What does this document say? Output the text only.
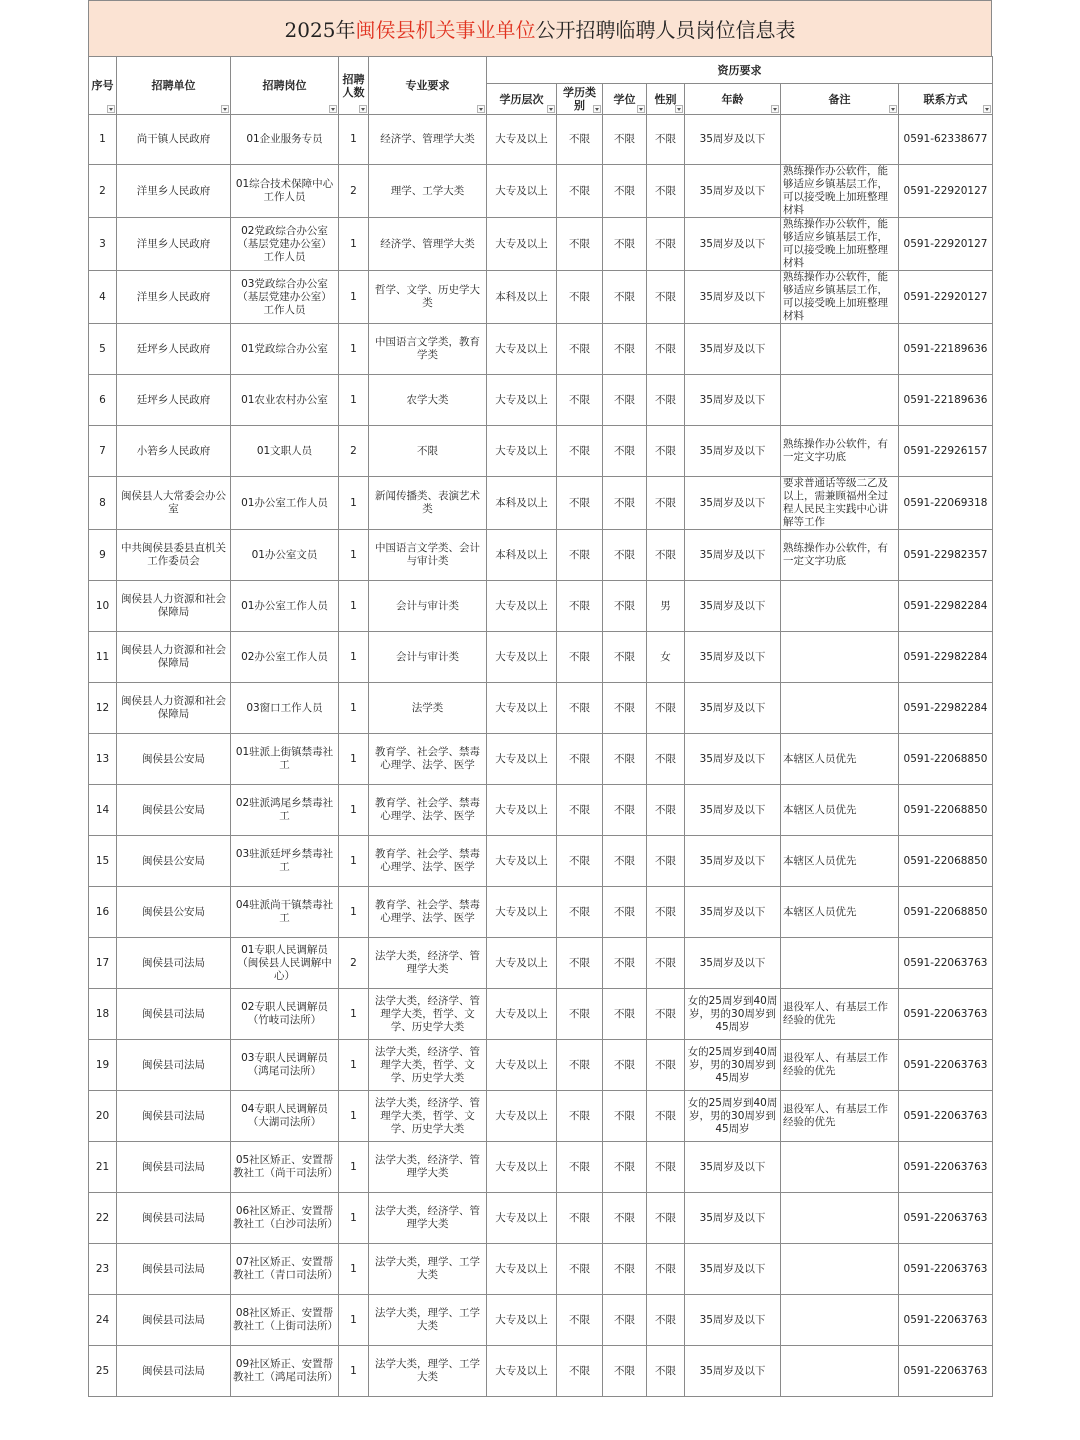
2025年 闽侯县机关事业单位 公开招聘临聘人员岗位信息表
序号	招聘单位	招聘岗位	招聘人数	专业要求	资历要求						
					学历层次	学历类别	学位	性别	年龄	备注	联系方式

1	尚干镇人民政府	01企业服务专员	1	经济学、管理学大类	大专及以上	不限	不限	不限	35周岁及以下		0591-62338677
2	洋里乡人民政府	01综合技术保障中心工作人员	2	理学、工学大类	大专及以上	不限	不限	不限	35周岁及以下	熟练操作办公软件，能够适应乡镇基层工作，可以接受晚上加班整理材料	0591-22920127
3	洋里乡人民政府	02党政综合办公室（基层党建办公室）工作人员	1	经济学、管理学大类	大专及以上	不限	不限	不限	35周岁及以下	熟练操作办公软件，能够适应乡镇基层工作，可以接受晚上加班整理材料	0591-22920127
4	洋里乡人民政府	03党政综合办公室（基层党建办公室）工作人员	1	哲学、文学、历史学大类	本科及以上	不限	不限	不限	35周岁及以下	熟练操作办公软件，能够适应乡镇基层工作，可以接受晚上加班整理材料	0591-22920127
5	廷坪乡人民政府	01党政综合办公室	1	中国语言文学类，教育学类	大专及以上	不限	不限	不限	35周岁及以下		0591-22189636
6	廷坪乡人民政府	01农业农村办公室	1	农学大类	大专及以上	不限	不限	不限	35周岁及以下		0591-22189636
7	小箬乡人民政府	01文职人员	2	不限	大专及以上	不限	不限	不限	35周岁及以下	熟练操作办公软件，有一定文字功底	0591-22926157
8	闽侯县人大常委会办公室	01办公室工作人员	1	新闻传播类、表演艺术类	本科及以上	不限	不限	不限	35周岁及以下	要求普通话等级二乙及以上，需兼顾福州全过程人民民主实践中心讲解等工作	0591-22069318
9	中共闽侯县委县直机关工作委员会	01办公室文员	1	中国语言文学类、会计与审计类	本科及以上	不限	不限	不限	35周岁及以下	熟练操作办公软件，有一定文字功底	0591-22982357
10	闽侯县人力资源和社会保障局	01办公室工作人员	1	会计与审计类	大专及以上	不限	不限	男	35周岁及以下		0591-22982284
11	闽侯县人力资源和社会保障局	02办公室工作人员	1	会计与审计类	大专及以上	不限	不限	女	35周岁及以下		0591-22982284
12	闽侯县人力资源和社会保障局	03窗口工作人员	1	法学类	大专及以上	不限	不限	不限	35周岁及以下		0591-22982284
13	闽侯县公安局	01驻派上街镇禁毒社工	1	教育学、社会学、禁毒心理学、法学、医学	大专及以上	不限	不限	不限	35周岁及以下	本辖区人员优先	0591-22068850
14	闽侯县公安局	02驻派鸿尾乡禁毒社工	1	教育学、社会学、禁毒心理学、法学、医学	大专及以上	不限	不限	不限	35周岁及以下	本辖区人员优先	0591-22068850
15	闽侯县公安局	03驻派廷坪乡禁毒社工	1	教育学、社会学、禁毒心理学、法学、医学	大专及以上	不限	不限	不限	35周岁及以下	本辖区人员优先	0591-22068850
16	闽侯县公安局	04驻派尚干镇禁毒社工	1	教育学、社会学、禁毒心理学、法学、医学	大专及以上	不限	不限	不限	35周岁及以下	本辖区人员优先	0591-22068850
17	闽侯县司法局	01专职人民调解员（闽侯县人民调解中心）	2	法学大类，经济学、管理学大类	大专及以上	不限	不限	不限	35周岁及以下		0591-22063763
18	闽侯县司法局	02专职人民调解员（竹岐司法所）	1	法学大类，经济学、管理学大类，哲学、文学、历史学大类	大专及以上	不限	不限	不限	女的25周岁到40周岁，男的30周岁到45周岁	退役军人、有基层工作经验的优先	0591-22063763
19	闽侯县司法局	03专职人民调解员（鸿尾司法所）	1	法学大类，经济学、管理学大类，哲学、文学、历史学大类	大专及以上	不限	不限	不限	女的25周岁到40周岁，男的30周岁到45周岁	退役军人、有基层工作经验的优先	0591-22063763
20	闽侯县司法局	04专职人民调解员（大湖司法所）	1	法学大类，经济学、管理学大类，哲学、文学、历史学大类	大专及以上	不限	不限	不限	女的25周岁到40周岁，男的30周岁到45周岁	退役军人、有基层工作经验的优先	0591-22063763
21	闽侯县司法局	05社区矫正、安置帮教社工（尚干司法所）	1	法学大类，经济学、管理学大类	大专及以上	不限	不限	不限	35周岁及以下		0591-22063763
22	闽侯县司法局	06社区矫正、安置帮教社工（白沙司法所）	1	法学大类，经济学、管理学大类	大专及以上	不限	不限	不限	35周岁及以下		0591-22063763
23	闽侯县司法局	07社区矫正、安置帮教社工（青口司法所）	1	法学大类，理学、工学大类	大专及以上	不限	不限	不限	35周岁及以下		0591-22063763
24	闽侯县司法局	08社区矫正、安置帮教社工（上街司法所）	1	法学大类，理学、工学大类	大专及以上	不限	不限	不限	35周岁及以下		0591-22063763
25	闽侯县司法局	09社区矫正、安置帮教社工（鸿尾司法所）	1	法学大类，理学、工学大类	大专及以上	不限	不限	不限	35周岁及以下		0591-22063763
